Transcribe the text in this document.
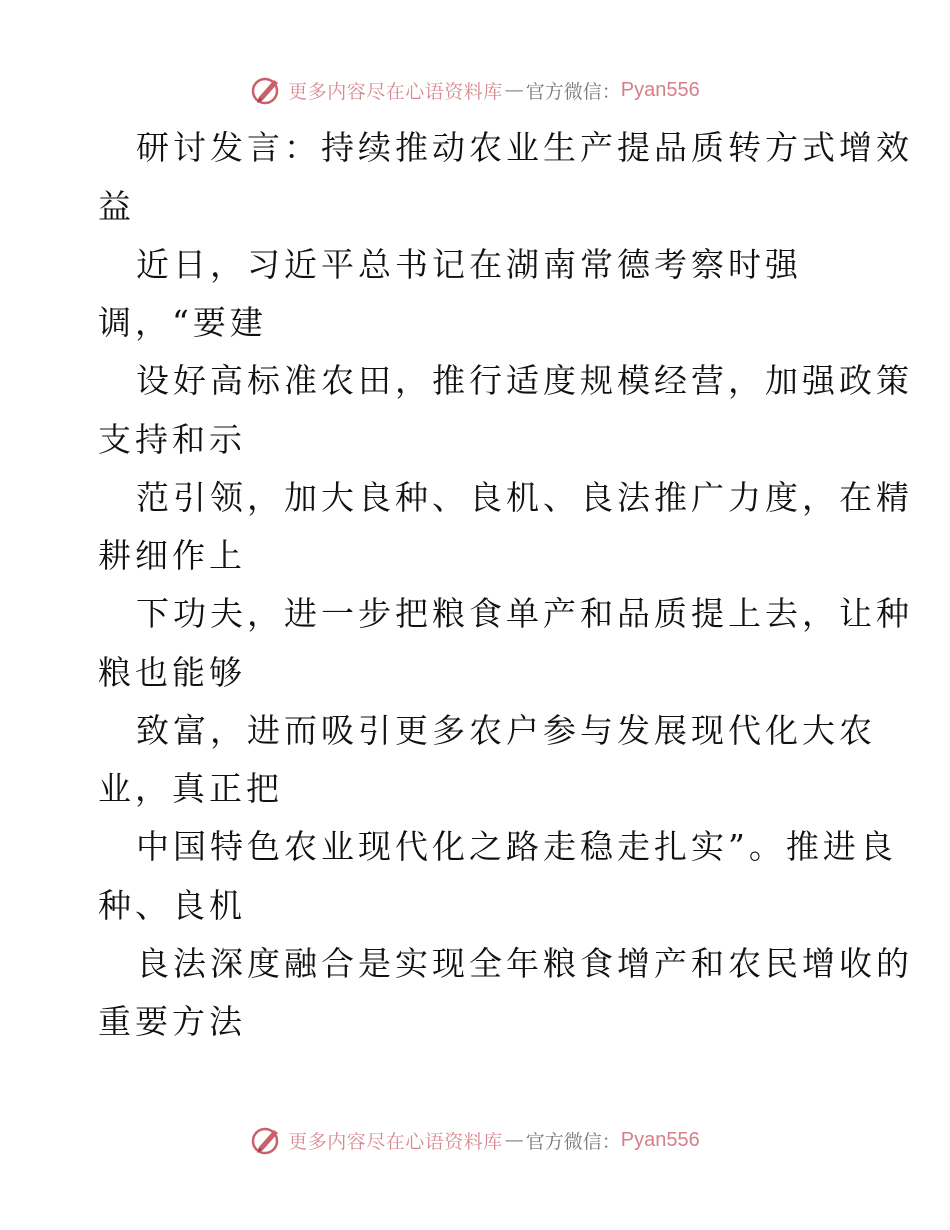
更多内容尽在心语资料库 — 官方微信： Pyan556
研讨发言：持续推动农业生产提品质转方式增效
益
近日，习近平总书记在湖南常德考察时强
调，“要建
设好高标准农田，推行适度规模经营，加强政策
支持和示
范引领，加大良种、良机、良法推广力度，在精
耕细作上
下功夫，进一步把粮食单产和品质提上去，让种
粮也能够
致富，进而吸引更多农户参与发展现代化大农
业，真正把
中国特色农业现代化之路走稳走扎实”。推进良
种、良机
良法深度融合是实现全年粮食增产和农民增收的
重要方法
更多内容尽在心语资料库 — 官方微信： Pyan556
